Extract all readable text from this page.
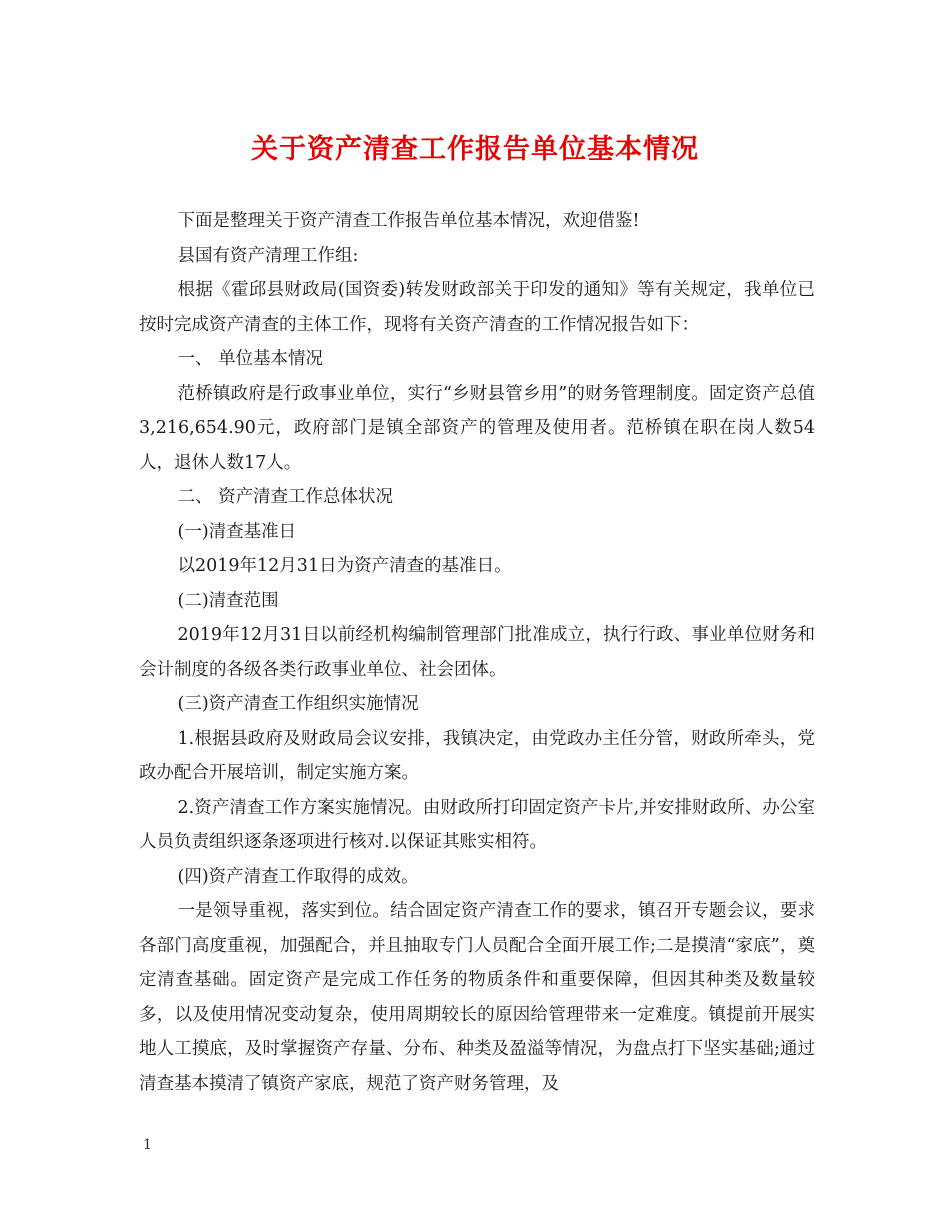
关于资产清查工作报告单位基本情况

下面是整理关于资产清查工作报告单位基本情况，欢迎借鉴!

县国有资产清理工作组:

根据《霍邱县财政局(国资委)转发财政部关于印发的通知》等有关规定，我单位已按时完成资产清查的主体工作，现将有关资产清查的工作情况报告如下：

一、 单位基本情况

范桥镇政府是行政事业单位，实行“乡财县管乡用”的财务管理制度。固定资产总值3,216,654.90元，政府部门是镇全部资产的管理及使用者。范桥镇在职在岗人数54人，退休人数17人。

二、 资产清查工作总体状况

(一)清查基准日

以2019年12月31日为资产清查的基准日。

(二)清查范围

2019年12月31日以前经机构编制管理部门批准成立，执行行政、事业单位财务和会计制度的各级各类行政事业单位、社会团体。

(三)资产清查工作组织实施情况

1.根据县政府及财政局会议安排，我镇决定，由党政办主任分管，财政所牵头，党政办配合开展培训，制定实施方案。

2.资产清查工作方案实施情况。由财政所打印固定资产卡片,并安排财政所、办公室人员负责组织逐条逐项进行核对.以保证其账实相符。

(四)资产清查工作取得的成效。

一是领导重视，落实到位。结合固定资产清查工作的要求，镇召开专题会议，要求各部门高度重视，加强配合，并且抽取专门人员配合全面开展工作;二是摸清“家底”，奠定清查基础。固定资产是完成工作任务的物质条件和重要保障，但因其种类及数量较多，以及使用情况变动复杂，使用周期较长的原因给管理带来一定难度。镇提前开展实地人工摸底，及时掌握资产存量、分布、种类及盈溢等情况，为盘点打下坚实基础;通过清查基本摸清了镇资产家底，规范了资产财务管理，及

1
